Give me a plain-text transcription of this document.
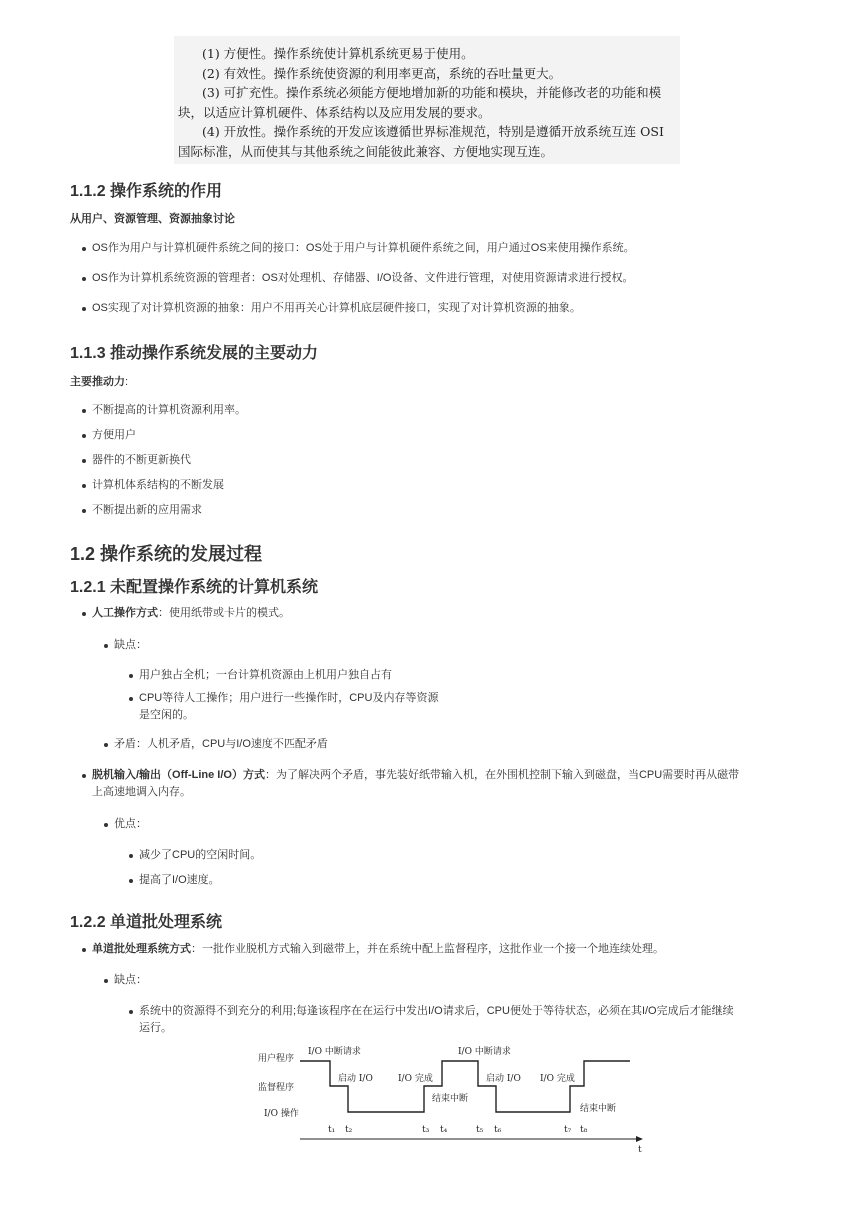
(1) 方便性。操作系统使计算机系统更易于使用。

(2) 有效性。操作系统使资源的利用率更高，系统的吞吐量更大。

(3) 可扩充性。操作系统必须能方便地增加新的功能和模块，并能修改老的功能和模

块，以适应计算机硬件、体系结构以及应用发展的要求。

(4) 开放性。操作系统的开发应该遵循世界标准规范，特别是遵循开放系统互连 OSI

国际标准，从而使其与其他系统之间能彼此兼容、方便地实现互连。

1.1.2 操作系统的作用

从用户、资源管理、资源抽象讨论

OS作为用户与计算机硬件系统之间的接口：OS处于用户与计算机硬件系统之间，用户通过OS来使用操作系统。
OS作为计算机系统资源的管理者：OS对处理机、存储器、I/O设备、文件进行管理，对使用资源请求进行授权。
OS实现了对计算机资源的抽象：用户不用再关心计算机底层硬件接口，实现了对计算机资源的抽象。
1.1.3 推动操作系统发展的主要动力

主要推动力:

不断提高的计算机资源利用率。
方便用户
器件的不断更新换代
计算机体系结构的不断发展
不断提出新的应用需求
1.2 操作系统的发展过程
1.2.1 未配置操作系统的计算机系统
人工操作方式：使用纸带或卡片的模式。
缺点：
用户独占全机；一台计算机资源由上机用户独自占有
CPU等待人工操作；用户进行一些操作时，CPU及内存等资源
是空闲的。
矛盾：人机矛盾，CPU与I/O速度不匹配矛盾
脱机输入/输出（Off-Line I/O）方式：为了解决两个矛盾，事先装好纸带输入机，在外围机控制下输入到磁盘，当CPU需要时再从磁带
上高速地调入内存。
优点：
减少了CPU的空闲时间。
提高了I/O速度。
1.2.2 单道批处理系统
单道批处理系统方式：一批作业脱机方式输入到磁带上，并在系统中配上监督程序，这批作业一个接一个地连续处理。
缺点：
系统中的资源得不到充分的利用;每逢该程序在在运行中发出I/O请求后，CPU便处于等待状态，必须在其I/O完成后才能继续
运行。
用户程序
监督程序
I/O 操作
I/O 中断请求
启动 I/O	I/O 完成
结束中断
I/O 中断请求
启动 I/O I/O 完成
结束中断
t₁ t₂	t₃ t₄	t₅ t₆	t₇ t₈
t
